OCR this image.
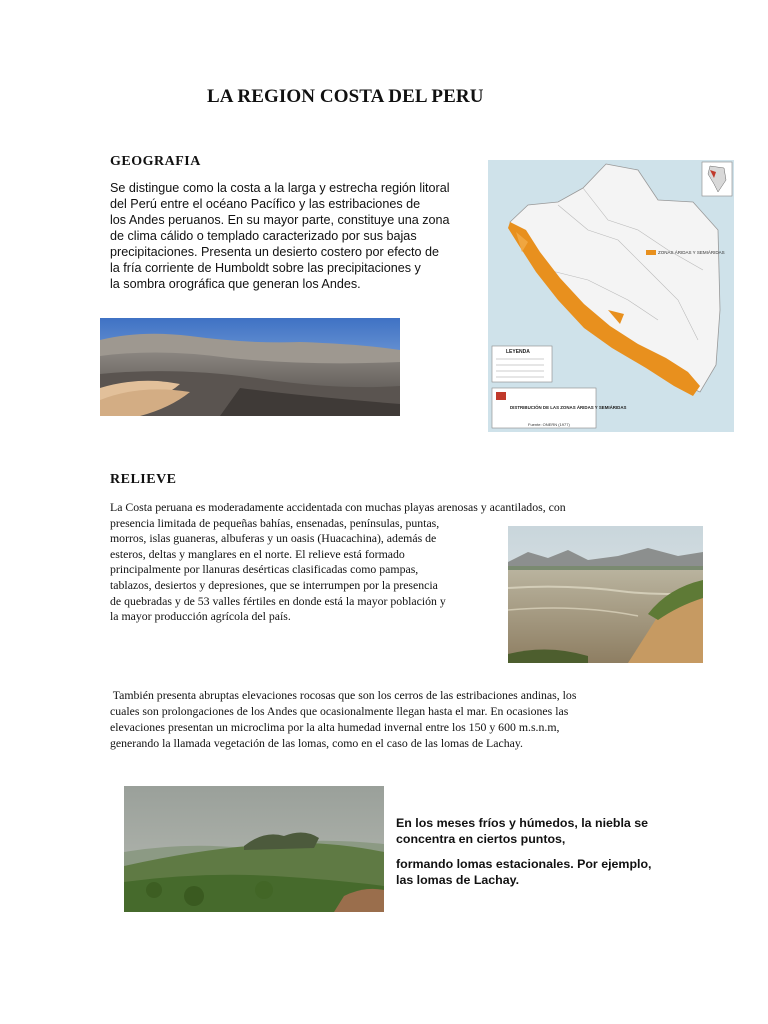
LA REGION COSTA DEL PERU
GEOGRAFIA
Se distingue como la costa a la larga y estrecha región litoral
del Perú entre el océano Pacífico y las estribaciones de
los Andes peruanos. En su mayor parte, constituye una zona
de clima cálido o templado caracterizado por sus bajas
precipitaciones. Presenta un desierto costero por efecto de
la fría corriente de Humboldt sobre las precipitaciones y
la sombra orográfica que generan los Andes.
ZONAS ÁRIDAS Y SEMIÁRIDAS
LEYENDA
DISTRIBUCIÓN DE LAS ZONAS ÁRIDAS Y SEMIÁRIDAS
Fuente: ONERN (1977)
RELIEVE
La Costa peruana es moderadamente accidentada con muchas playas arenosas y acantilados, con
presencia limitada de pequeñas bahías, ensenadas, penínsulas, puntas,
morros, islas guaneras, albuferas y un oasis (Huacachina), además de
esteros, deltas y manglares en el norte. El relieve está formado
principalmente por llanuras desérticas clasificadas como pampas,
tablazos, desiertos y depresiones, que se interrumpen por la presencia
de quebradas y de 53 valles fértiles en donde está la mayor población y
la mayor producción agrícola del país.
También presenta abruptas elevaciones rocosas que son los cerros de las estribaciones andinas, los
cuales son prolongaciones de los Andes que ocasionalmente llegan hasta el mar. En ocasiones las
elevaciones presentan un microclima por la alta humedad invernal entre los 150 y 600 m.s.n.m,
generando la llamada vegetación de las lomas, como en el caso de las lomas de Lachay.

En los meses fríos y húmedos, la niebla se
concentra en ciertos puntos,

formando lomas estacionales. Por ejemplo,
las lomas de Lachay.
